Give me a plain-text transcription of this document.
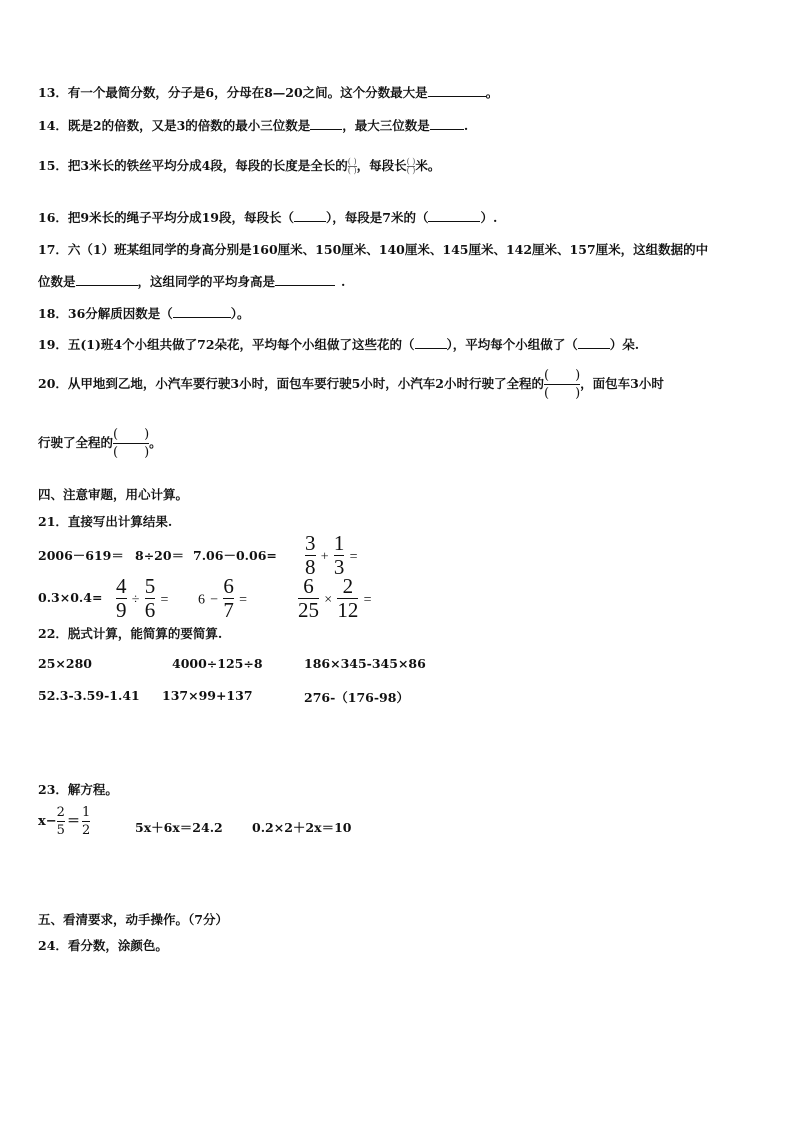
13．有一个最简分数，分子是6，分母在8—20之间。这个分数最大是	。
14．既是2的倍数，又是3的倍数的最小三位数是	，最大三位数是	.
15．把3米长的铁丝平均分成4段，每段的长度是全长的 $\frac{( )}{( )}$ ，每段长 $\frac{( )}{( )}$ 米。
16．把9米长的绳子平均分成19段，每段长（	），每段是7米的（	）.
17．六（1）班某组同学的身高分别是160厘米、150厘米、140厘米、145厘米、142厘米、157厘米，这组数据的中
位数是	，这组同学的平均身高是	.
18．36分解质因数是（	）。
19．五(1)班4个小组共做了72朵花，平均每个小组做了这些花的（	），平均每个小组做了（	）朵.
20．从甲地到乙地，小汽车要行驶3小时，面包车要行驶5小时，小汽车2小时行驶了全程的 $\frac{( )}{( )}$ ，面包车3小时
行驶了全程的 $\frac{( )}{( )}$ 。
四、注意审题，用心计算。
21．直接写出计算结果.
$2006-619= 8\div 20= 7.06-0.06= \frac{3}{8} + \frac{1}{3}$ =
$0.3\times 0.4= \frac{4}{9} \div \frac{5}{6} = 6 - \frac{6}{7} = \frac{6}{25} \times \frac{2}{12}$ =
22．脱式计算，能简算的要简算.
25×280	4000÷125÷8	186×345-345×86
52.3-3.59-1.41 137×99+137	276-（176-98）
23．解方程。
$x- \frac{2}{5} = \frac{1}{2}$	5x＋6x＝24.2 0.2×2＋2x＝10
五、看清要求，动手操作。（7分）
24．看分数，涂颜色。
